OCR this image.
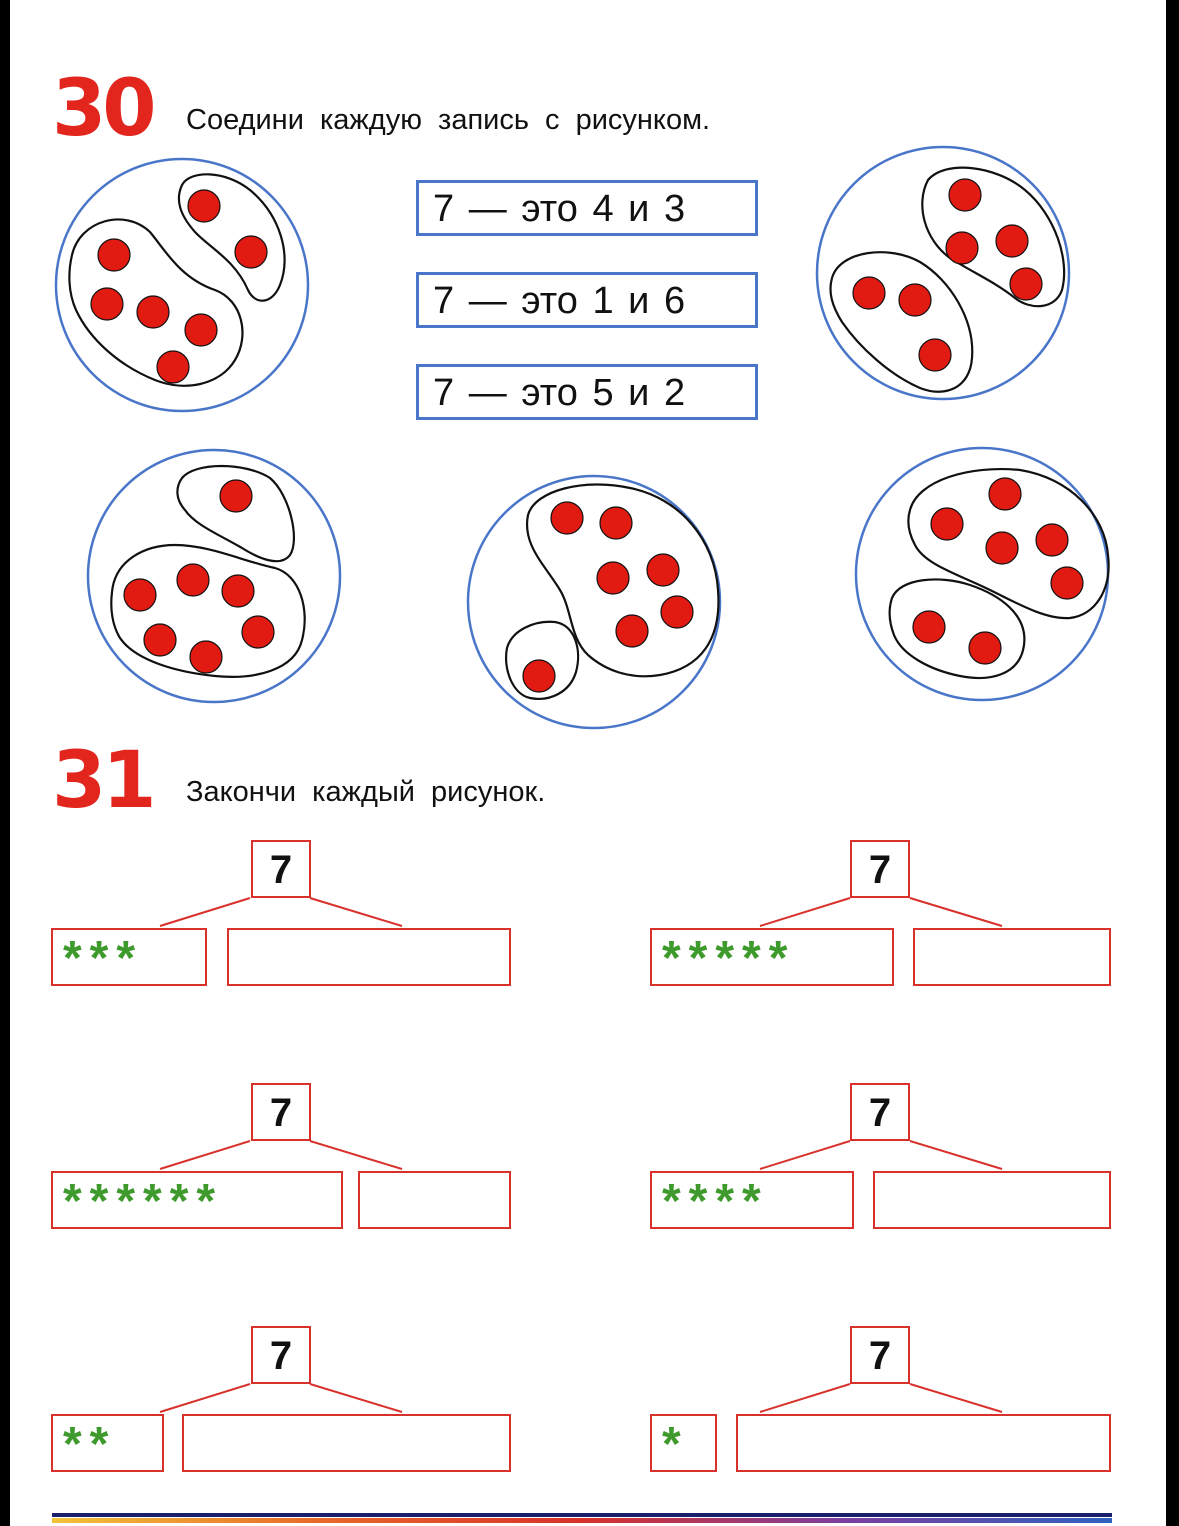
30 Соедини каждую запись с рисунком.
7 — это 4 и 3
7 — это 1 и 6
7 — это 5 и 2
31 Закончи каждый рисунок.
7
***
7
*****
7
******
7
****
7
**
7
*
